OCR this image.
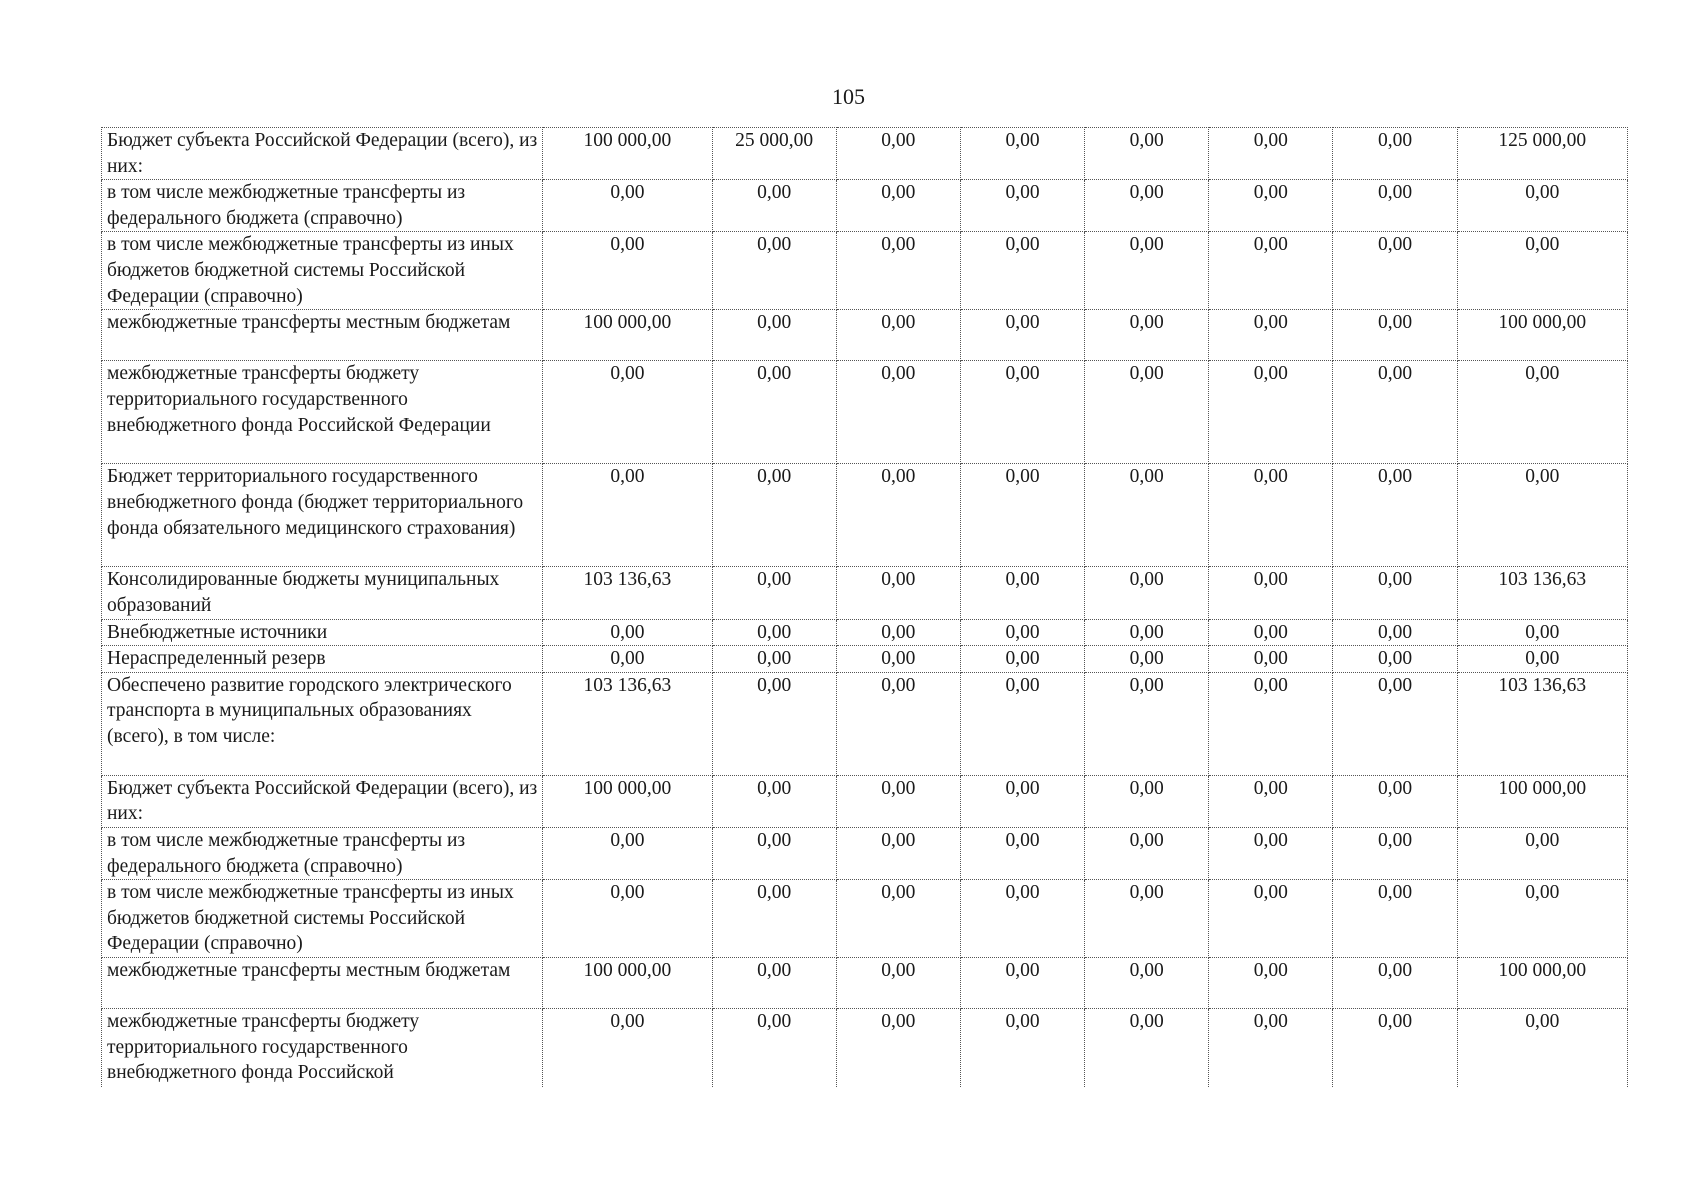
105
Бюджет субъекта Российской Федерации (всего), из них:	100 000,00	25 000,00	0,00	0,00	0,00	0,00	0,00	125 000,00
в том числе межбюджетные трансферты из федерального бюджета (справочно)	0,00	0,00	0,00	0,00	0,00	0,00	0,00	0,00
в том числе межбюджетные трансферты из иных бюджетов бюджетной системы Российской Федерации (справочно)	0,00	0,00	0,00	0,00	0,00	0,00	0,00	0,00
межбюджетные трансферты местным бюджетам	100 000,00	0,00	0,00	0,00	0,00	0,00	0,00	100 000,00
межбюджетные трансферты бюджету территориального государственного внебюджетного фонда Российской Федерации	0,00	0,00	0,00	0,00	0,00	0,00	0,00	0,00
Бюджет территориального государственного внебюджетного фонда (бюджет территориального фонда обязательного медицинского страхования)	0,00	0,00	0,00	0,00	0,00	0,00	0,00	0,00
Консолидированные бюджеты муниципальных образований	103 136,63	0,00	0,00	0,00	0,00	0,00	0,00	103 136,63
Внебюджетные источники	0,00	0,00	0,00	0,00	0,00	0,00	0,00	0,00
Нераспределенный резерв	0,00	0,00	0,00	0,00	0,00	0,00	0,00	0,00
Обеспечено развитие городского электрического транспорта в муниципальных образованиях (всего), в том числе:	103 136,63	0,00	0,00	0,00	0,00	0,00	0,00	103 136,63
Бюджет субъекта Российской Федерации (всего), из них:	100 000,00	0,00	0,00	0,00	0,00	0,00	0,00	100 000,00
в том числе межбюджетные трансферты из федерального бюджета (справочно)	0,00	0,00	0,00	0,00	0,00	0,00	0,00	0,00
в том числе межбюджетные трансферты из иных бюджетов бюджетной системы Российской Федерации (справочно)	0,00	0,00	0,00	0,00	0,00	0,00	0,00	0,00
межбюджетные трансферты местным бюджетам	100 000,00	0,00	0,00	0,00	0,00	0,00	0,00	100 000,00
межбюджетные трансферты бюджету территориального государственного внебюджетного фонда Российской	0,00	0,00	0,00	0,00	0,00	0,00	0,00	0,00
